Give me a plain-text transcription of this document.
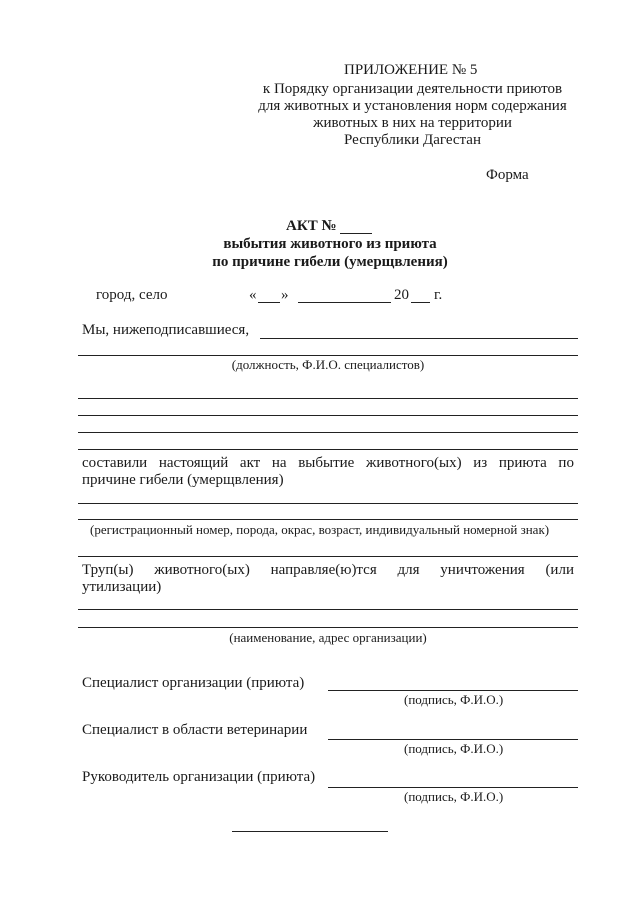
ПРИЛОЖЕНИЕ № 5
к Порядку организации деятельности приютов
для животных и установления норм содержания
животных в них на территории
Республики Дагестан
Форма
АКТ №
выбытия животного из приюта
по причине гибели (умерщвления)
город, село	« »	20 г.
Мы, нижеподписавшиеся,
(должность, Ф.И.О. специалистов)
составили настоящий акт на выбытие животного(ых) из приюта по
причине гибели (умерщвления)
(регистрационный номер, порода, окрас, возраст, индивидуальный номерной знак)
Труп(ы) животного(ых) направляе(ю)тся для уничтожения (или
утилизации)
(наименование, адрес организации)
Специалист организации (приюта)
(подпись, Ф.И.О.)
Специалист в области ветеринарии
(подпись, Ф.И.О.)
Руководитель организации (приюта)
(подпись, Ф.И.О.)
